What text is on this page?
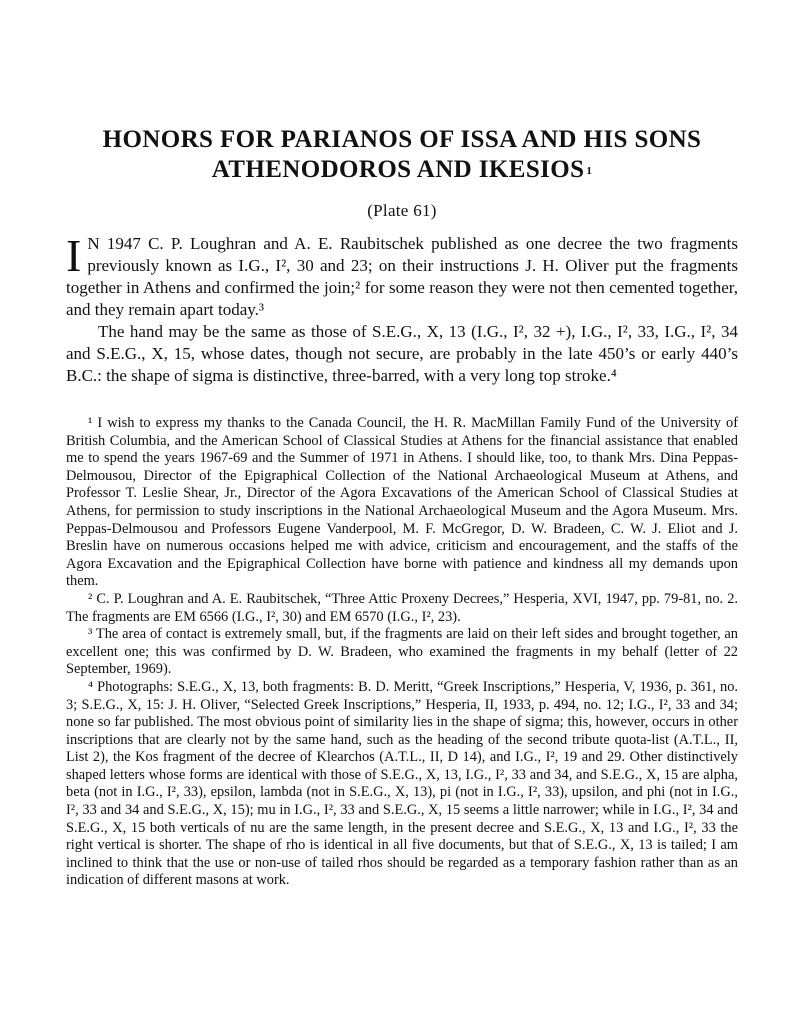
HONORS FOR PARIANOS OF ISSA AND HIS SONS
ATHENODOROS AND IKESIOS $^1$
(Plate 61)

I N 1947 C. P. Loughran and A. E. Raubitschek published as one decree the two fragments previously known as I.G., I², 30 and 23; on their instructions J. H. Oliver put the fragments together in Athens and confirmed the join;² for some reason they were not then cemented together, and they remain apart today.³

The hand may be the same as those of S.E.G., X, 13 (I.G., I², 32 +), I.G., I², 33, I.G., I², 34 and S.E.G., X, 15, whose dates, though not secure, are probably in the late 450’s or early 440’s B.C.: the shape of sigma is distinctive, three-barred, with a very long top stroke.⁴

¹ I wish to express my thanks to the Canada Council, the H. R. MacMillan Family Fund of the University of British Columbia, and the American School of Classical Studies at Athens for the financial assistance that enabled me to spend the years 1967-69 and the Summer of 1971 in Athens. I should like, too, to thank Mrs. Dina Peppas-Delmousou, Director of the Epigraphical Collection of the National Archaeological Museum at Athens, and Professor T. Leslie Shear, Jr., Director of the Agora Excavations of the American School of Classical Studies at Athens, for permission to study inscriptions in the National Archaeological Museum and the Agora Museum. Mrs. Peppas-Delmousou and Professors Eugene Vanderpool, M. F. McGregor, D. W. Bradeen, C. W. J. Eliot and J. Breslin have on numerous occasions helped me with advice, criticism and encouragement, and the staffs of the Agora Excavation and the Epigraphical Collection have borne with patience and kindness all my demands upon them.

² C. P. Loughran and A. E. Raubitschek, “Three Attic Proxeny Decrees,” Hesperia, XVI, 1947, pp. 79-81, no. 2. The fragments are EM 6566 (I.G., I², 30) and EM 6570 (I.G., I², 23).

³ The area of contact is extremely small, but, if the fragments are laid on their left sides and brought together, an excellent one; this was confirmed by D. W. Bradeen, who examined the fragments in my behalf (letter of 22 September, 1969).

⁴ Photographs: S.E.G., X, 13, both fragments: B. D. Meritt, “Greek Inscriptions,” Hesperia, V, 1936, p. 361, no. 3; S.E.G., X, 15: J. H. Oliver, “Selected Greek Inscriptions,” Hesperia, II, 1933, p. 494, no. 12; I.G., I², 33 and 34; none so far published. The most obvious point of similarity lies in the shape of sigma; this, however, occurs in other inscriptions that are clearly not by the same hand, such as the heading of the second tribute quota-list (A.T.L., II, List 2), the Kos fragment of the decree of Klearchos (A.T.L., II, D 14), and I.G., I², 19 and 29. Other distinctively shaped letters whose forms are identical with those of S.E.G., X, 13, I.G., I², 33 and 34, and S.E.G., X, 15 are alpha, beta (not in I.G., I², 33), epsilon, lambda (not in S.E.G., X, 13), pi (not in I.G., I², 33), upsilon, and phi (not in I.G., I², 33 and 34 and S.E.G., X, 15); mu in I.G., I², 33 and S.E.G., X, 15 seems a little narrower; while in I.G., I², 34 and S.E.G., X, 15 both verticals of nu are the same length, in the present decree and S.E.G., X, 13 and I.G., I², 33 the right vertical is shorter. The shape of rho is identical in all five documents, but that of S.E.G., X, 13 is tailed; I am inclined to think that the use or non-use of tailed rhos should be regarded as a temporary fashion rather than as an indication of different masons at work.
